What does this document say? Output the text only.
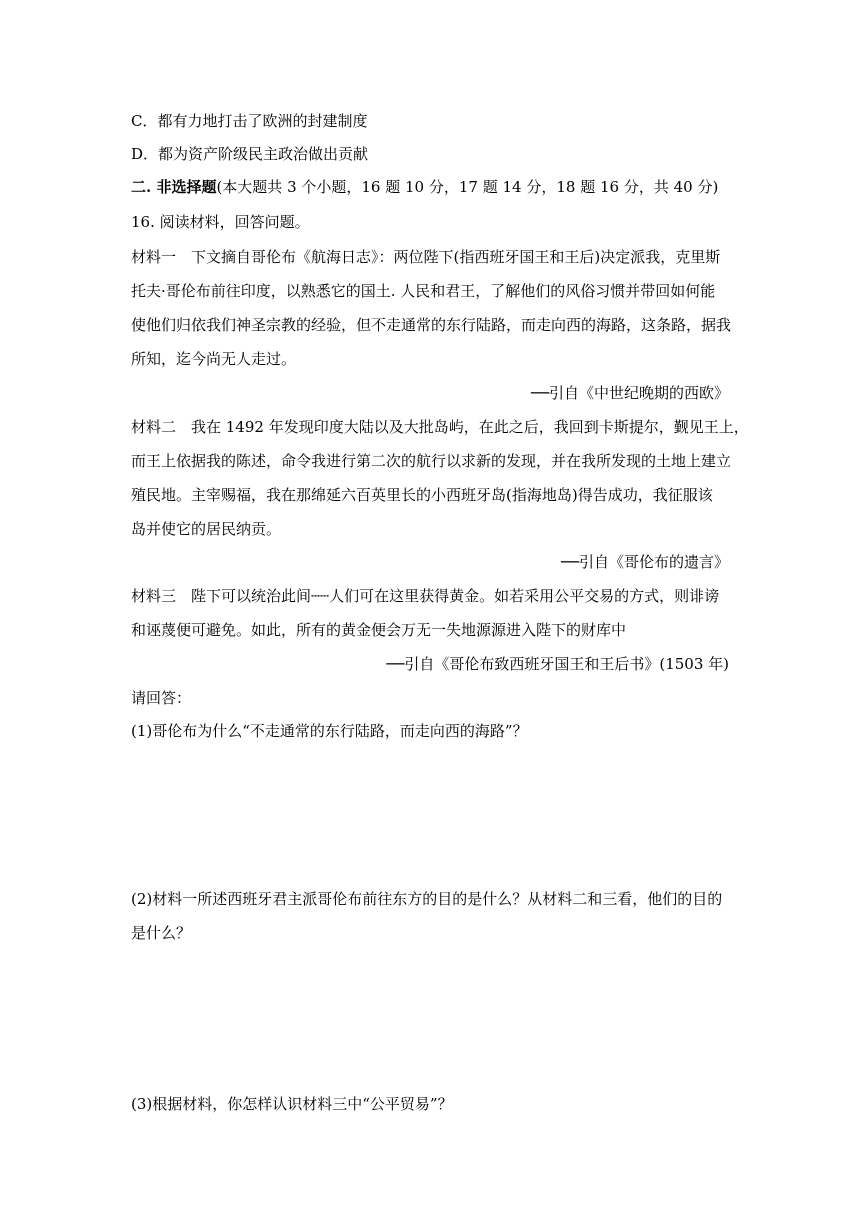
C．都有力地打击了欧洲的封建制度
D．都为资产阶级民主政治做出贡献
二. 非选择题(本大题共 3 个小题，16 题 10 分，17 题 14 分，18 题 16 分，共 40 分)
16. 阅读材料，回答问题。
材料一　下文摘自哥伦布《航海日志》：两位陛下(指西班牙国王和王后)决定派我，克里斯
托夫·哥伦布前往印度，以熟悉它的国土. 人民和君王，了解他们的风俗习惯并带回如何能
使他们归依我们神圣宗教的经验，但不走通常的东行陆路，而走向西的海路，这条路，据我
所知，迄今尚无人走过。
──引自《中世纪晚期的西欧》
材料二　我在 1492 年发现印度大陆以及大批岛屿，在此之后，我回到卡斯提尔，觐见王上，
而王上依据我的陈述，命令我进行第二次的航行以求新的发现，并在我所发现的土地上建立
殖民地。主宰赐福，我在那绵延六百英里长的小西班牙岛(指海地岛)得告成功，我征服该
岛并使它的居民纳贡。
──引自《哥伦布的遗言》
材料三　陛下可以统治此间┄┄人们可在这里获得黄金。如若采用公平交易的方式，则诽谤
和诬蔑便可避免。如此，所有的黄金便会万无一失地源源进入陛下的财库中
──引自《哥伦布致西班牙国王和王后书》(1503 年)
请回答：
(1)哥伦布为什么“不走通常的东行陆路，而走向西的海路”？
(2)材料一所述西班牙君主派哥伦布前往东方的目的是什么？从材料二和三看，他们的目的
是什么？
(3)根据材料，你怎样认识材料三中“公平贸易”？
